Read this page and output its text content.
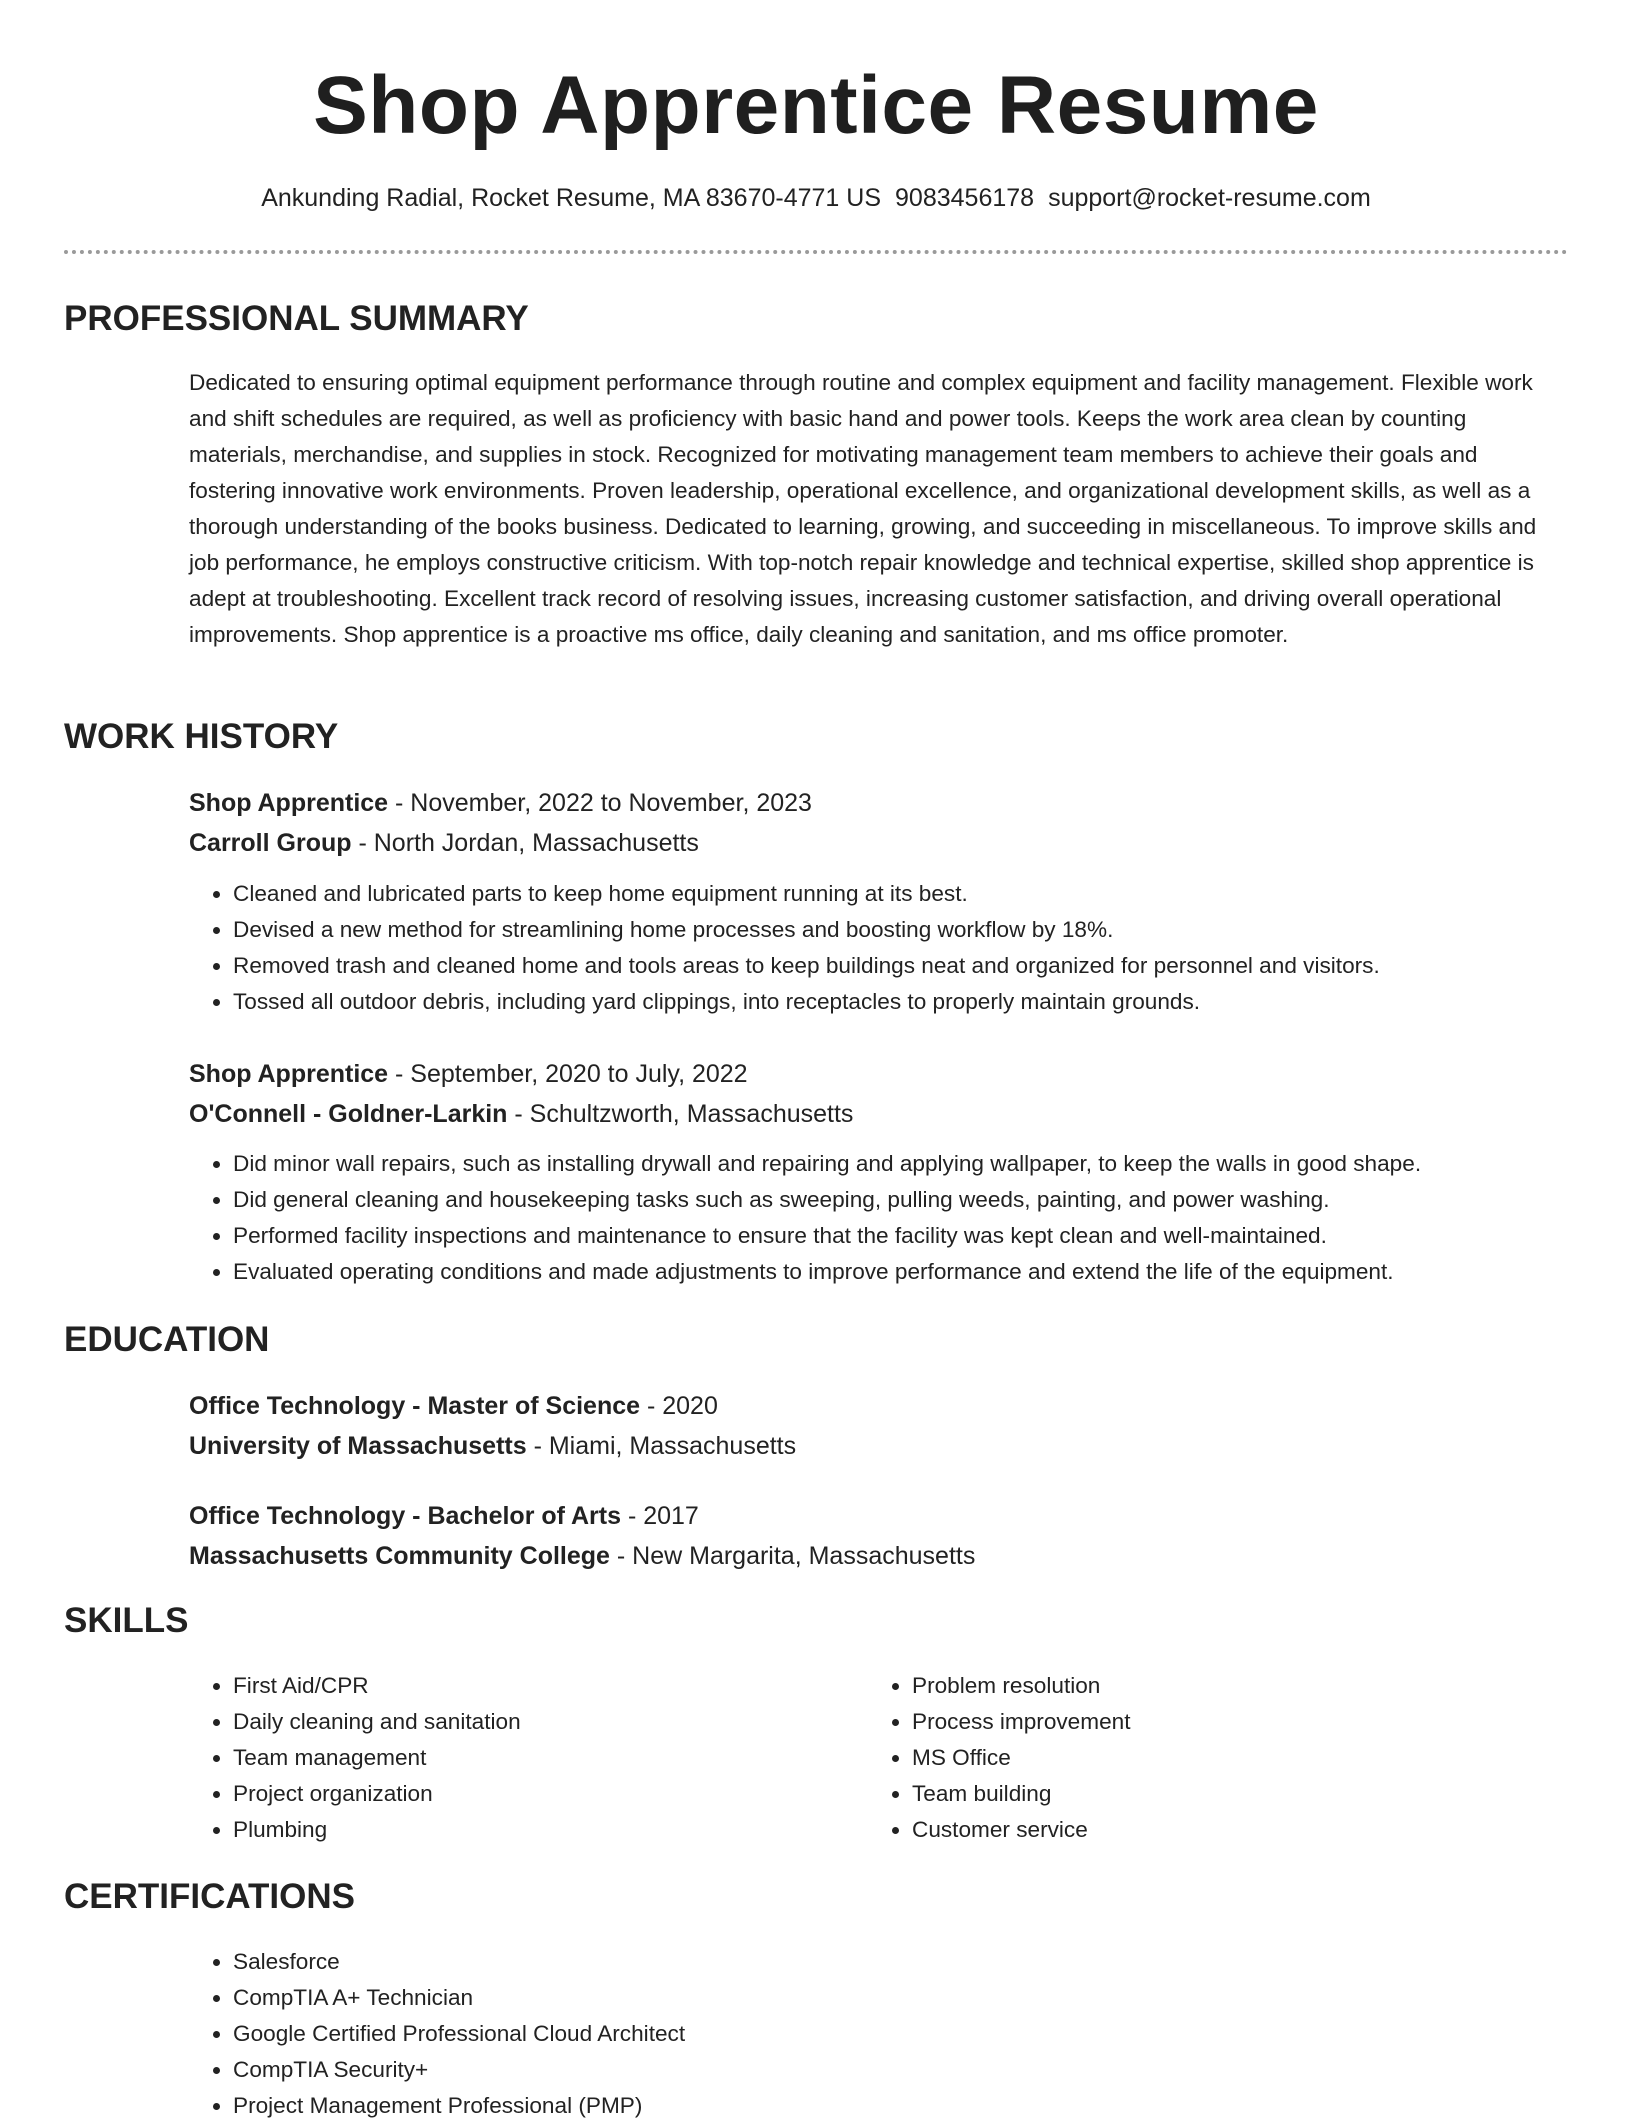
Shop Apprentice Resume
Ankunding Radial, Rocket Resume, MA 83670-4771 US 9083456178 support@rocket-resume.com
PROFESSIONAL SUMMARY

Dedicated to ensuring optimal equipment performance through routine and complex equipment and facility management. Flexible work and shift schedules are required, as well as proficiency with basic hand and power tools. Keeps the work area clean by counting materials, merchandise, and supplies in stock. Recognized for motivating management team members to achieve their goals and fostering innovative work environments. Proven leadership, operational excellence, and organizational development skills, as well as a thorough understanding of the books business. Dedicated to learning, growing, and succeeding in miscellaneous. To improve skills and job performance, he employs constructive criticism. With top-notch repair knowledge and technical expertise, skilled shop apprentice is adept at troubleshooting. Excellent track record of resolving issues, increasing customer satisfaction, and driving overall operational improvements. Shop apprentice is a proactive ms office, daily cleaning and sanitation, and ms office promoter.

WORK HISTORY

Shop Apprentice - November, 2022 to November, 2023

Carroll Group - North Jordan, Massachusetts

• Cleaned and lubricated parts to keep home equipment running at its best.
• Devised a new method for streamlining home processes and boosting workflow by 18%.
• Removed trash and cleaned home and tools areas to keep buildings neat and organized for personnel and visitors.
• Tossed all outdoor debris, including yard clippings, into receptacles to properly maintain grounds.

Shop Apprentice - September, 2020 to July, 2022

O'Connell - Goldner-Larkin - Schultzworth, Massachusetts

• Did minor wall repairs, such as installing drywall and repairing and applying wallpaper, to keep the walls in good shape.
• Did general cleaning and housekeeping tasks such as sweeping, pulling weeds, painting, and power washing.
• Performed facility inspections and maintenance to ensure that the facility was kept clean and well-maintained.
• Evaluated operating conditions and made adjustments to improve performance and extend the life of the equipment.
EDUCATION

Office Technology - Master of Science - 2020

University of Massachusetts - Miami, Massachusetts

Office Technology - Bachelor of Arts - 2017

Massachusetts Community College - New Margarita, Massachusetts

SKILLS
• First Aid/CPR
• Daily cleaning and sanitation
• Team management
• Project organization
• Plumbing
• Problem resolution
• Process improvement
• MS Office
• Team building
• Customer service
CERTIFICATIONS
• Salesforce
• CompTIA A+ Technician
• Google Certified Professional Cloud Architect
• CompTIA Security+
• Project Management Professional (PMP)
